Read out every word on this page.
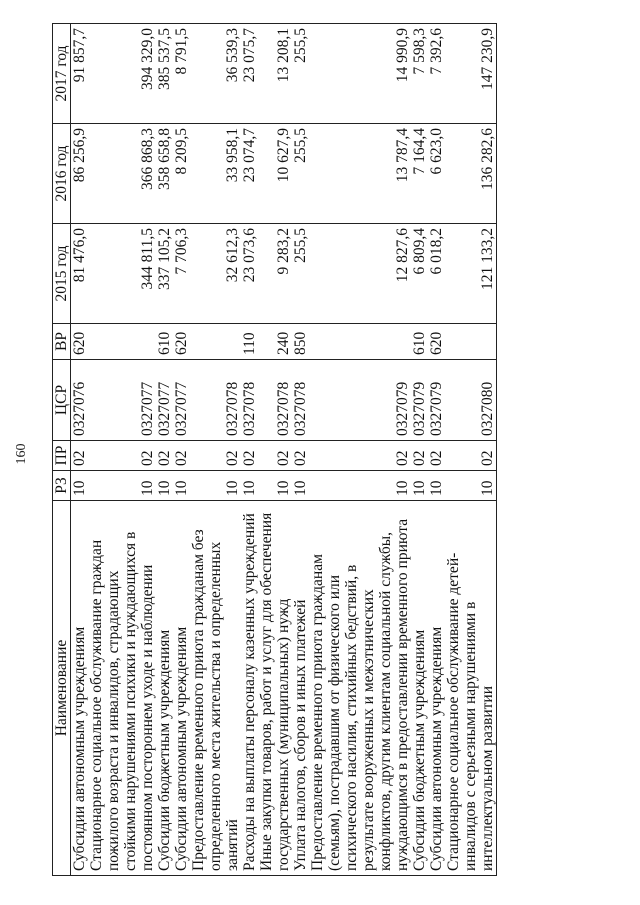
160
Наименование	РЗ	ПР	ЦСР	ВР	2015 год	2016 год	2017 год
Субсидии автономным учреждениям	10	02	0327076	620	81 476,0	86 256,9	91 857,7
Стационарное социальное обслуживание граждан пожилого возраста и инвалидов, страдающих стойкими нарушениями психики и нуждающихся в постоянном постороннем уходе и наблюдении	10	02	0327077		344 811,5	366 868,3	394 329,0
Субсидии бюджетным учреждениям	10	02	0327077	610	337 105,2	358 658,8	385 537,5
Субсидии автономным учреждениям	10	02	0327077	620	7 706,3	8 209,5	8 791,5
Предоставление временного приюта гражданам без определенного места жительства и определенных занятий	10	02	0327078		32 612,3	33 958,1	36 539,3
Расходы на выплаты персоналу казенных учреждений	10	02	0327078	110	23 073,6	23 074,7	23 075,7
Иные закупки товаров, работ и услуг для обеспечения государственных (муниципальных) нужд	10	02	0327078	240	9 283,2	10 627,9	13 208,1
Уплата налогов, сборов и иных платежей	10	02	0327078	850	255,5	255,5	255,5
Предоставление временного приюта гражданам (семьям), пострадавшим от физического или психического насилия, стихийных бедствий, в результате вооруженных и межэтнических конфликтов, другим клиентам социальной службы, нуждающимся в предоставлении временного приюта	10	02	0327079		12 827,6	13 787,4	14 990,9
Субсидии бюджетным учреждениям	10	02	0327079	610	6 809,4	7 164,4	7 598,3
Субсидии автономным учреждениям	10	02	0327079	620	6 018,2	6 623,0	7 392,6
Стационарное социальное обслуживание детей-инвалидов с серьезными нарушениями в интеллектуальном развитии	10	02	0327080		121 133,2	136 282,6	147 230,9
